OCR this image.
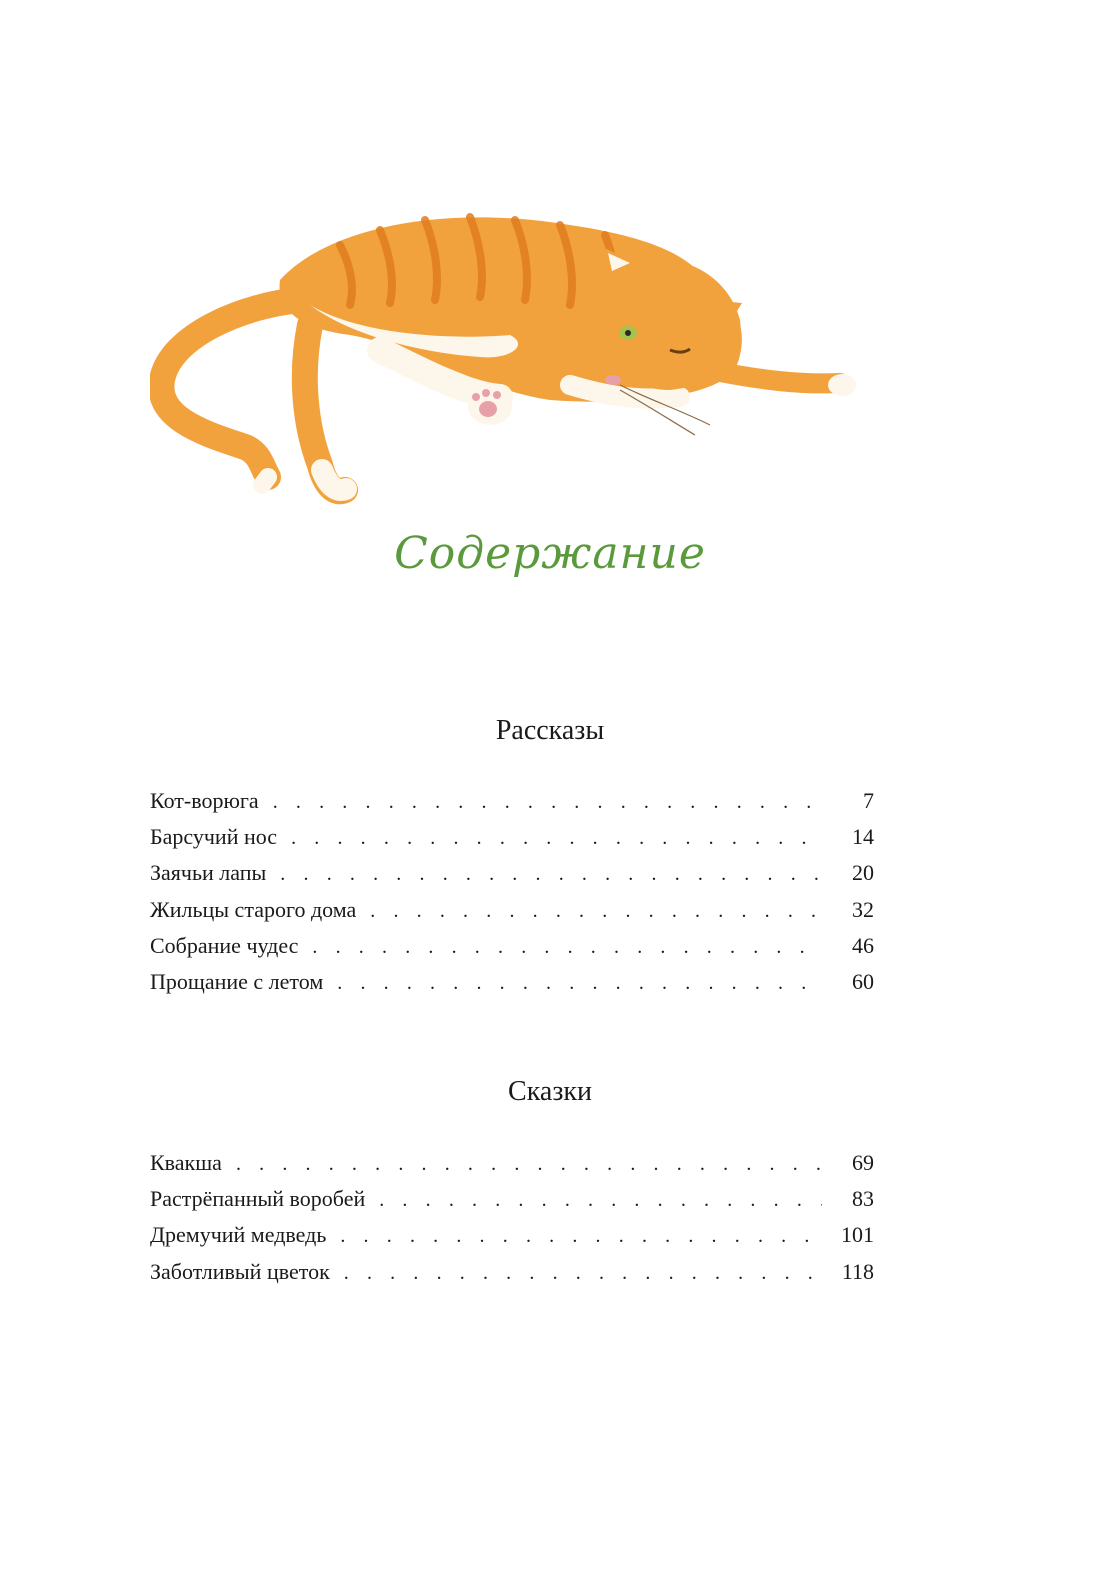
Содержание
Рассказы
Кот-ворюга . . .	7
Барсучий нос . . .	14
Заячьи лапы . . .	20
Жильцы старого дома . . .	32
Собрание чудес . . .	46
Прощание с летом . . .	60
Сказки
Квакша . . .	69
Растрёпанный воробей . . .	83
Дремучий медведь . . .	101
Заботливый цветок . . .	118
